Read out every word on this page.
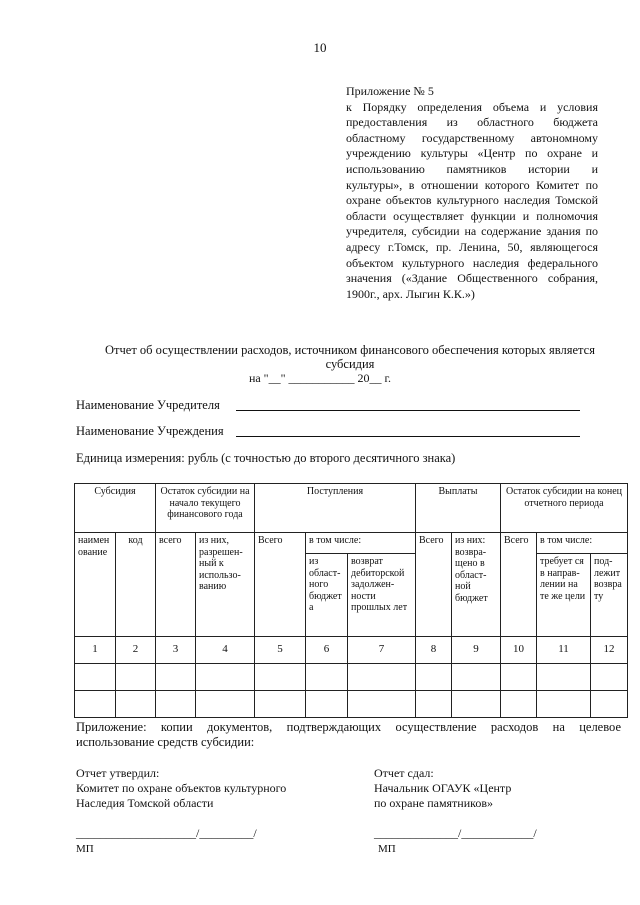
10
Приложение № 5
к Порядку определения объема и условия предоставления из областного бюджета областному государственному автономному учреждению культуры «Центр по охране и использованию памятников истории и культуры», в отношении которого Комитет по охране объектов культурного наследия Томской области осуществляет функции и полномочия учредителя, субсидии на содержание здания по адресу г.Томск, пр. Ленина, 50, являющегося объектом культурного наследия федерального значения («Здание Общественного собрания, 1900г., арх. Лыгин К.К.»)
Отчет об осуществлении расходов, источником финансового обеспечения которых является субсидия
на "__" ___________ 20__ г.
Наименование Учредителя
Наименование Учреждения
Единица измерения: рубль (с точностью до второго десятичного знака)
Субсидия		Остаток субсидии на начало текущего финансового года		Поступления			Выплаты		Остаток субсидии на конец отчетного периода		
наимен ование	код	всего	из них, разрешен-ный к использо-ванию	Всего	в том числе:		Всего	из них: возвра-щено в област-ной бюджет	Всего	в том числе:	
					из област-ного бюджет а	возврат дебиторской задолжен-ности прошлых лет				требует ся в направ-лении на те же цели	под-лежит возвра ту
1	2	3	4	5	6	7	8	9	10	11	12

Приложение: копии документов, подтверждающих осуществление расходов на целевое использование средств субсидии:
Отчет утвердил:
Комитет по охране объектов культурного Наследия Томской области
____________________/_________/
МП
Отчет сдал:
Начальник ОГАУК «Центр
по охране памятников»
______________/____________/
МП
